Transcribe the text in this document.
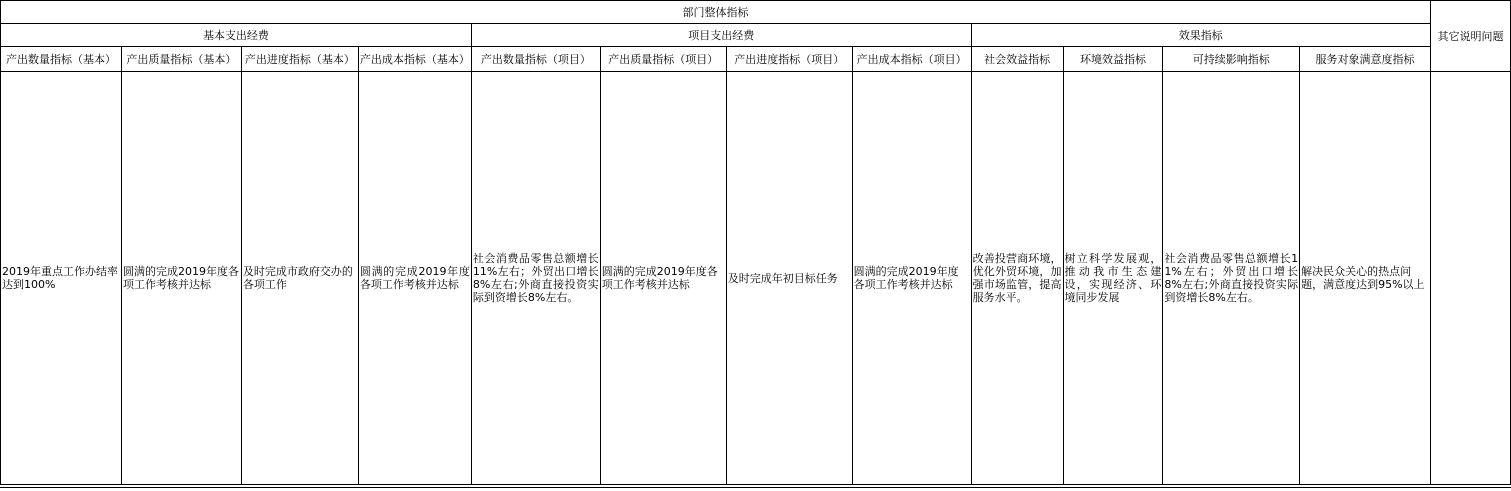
部门整体指标												其它说明问题
基本支出经费				项目支出经费				效果指标				
产出数量指标（基本）	产出质量指标（基本）	产出进度指标（基本）	产出成本指标（基本）	产出数量指标（项目）	产出质量指标（项目）	产出进度指标（项目）	产出成本指标（项目）	社会效益指标	环境效益指标	可持续影响指标	服务对象满意度指标	
2019年重点工作办结率达到100%	圆满的完成2019年度各项工作考核并达标	及时完成市政府交办的各项工作	圆满的完成2019年度各项工作考核并达标	社会消费品零售总额增长11%左右；外贸出口增长8%左右;外商直接投资实际到资增长8%左右。	圆满的完成2019年度各项工作考核并达标	及时完成年初目标任务	圆满的完成2019年度各项工作考核并达标	改善投营商环境，优化外贸环境，加强市场监管，提高服务水平。	树立科学发展观，推动我市生态建设，实现经济、环境同步发展	社会消费品零售总额增长11%左右；外贸出口增长8%左右;外商直接投资实际到资增长8%左右。	解决民众关心的热点问题，满意度达到95%以上	
